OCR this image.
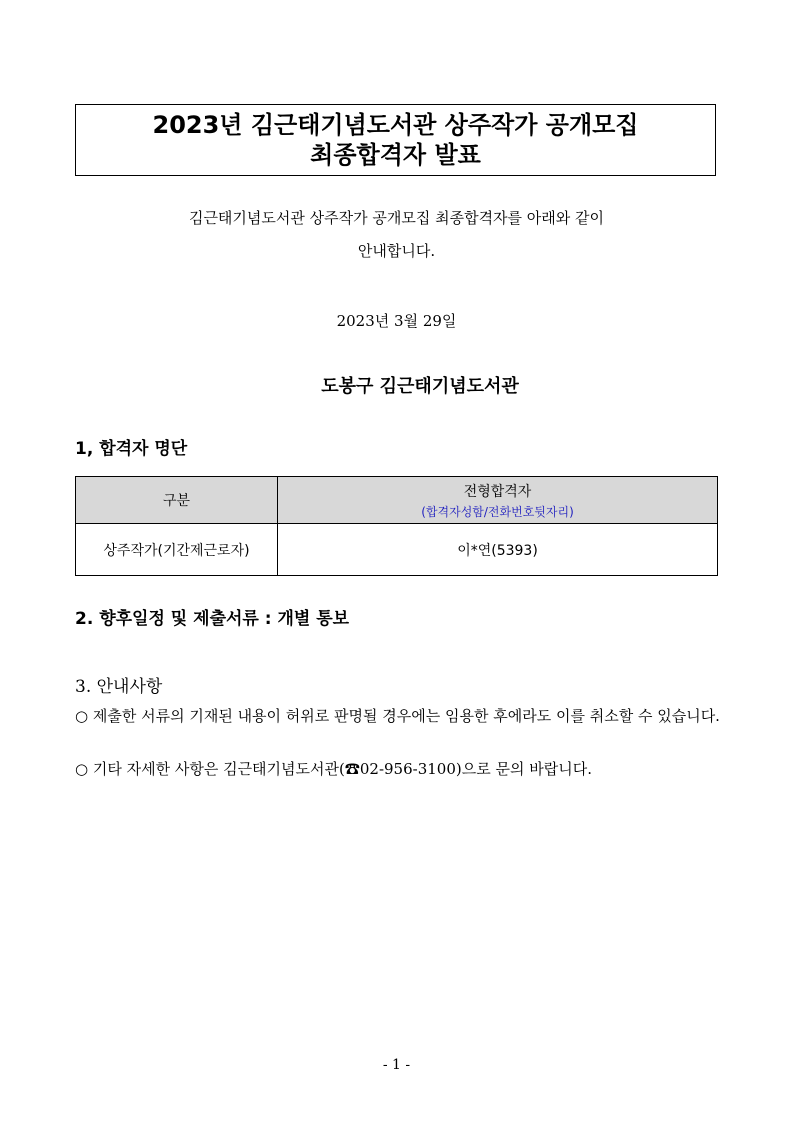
2023년 김근태기념도서관 상주작가 공개모집
최종합격자 발표
김근태기념도서관 상주작가 공개모집 최종합격자를 아래와 같이
안내합니다.
2023년 3월 29일
도봉구 김근태기념도서관
1, 합격자 명단
구분	전형합격자
(합격자성함/전화번호뒷자리)

상주작가(기간제근로자)	이*연(5393)
2. 향후일정 및 제출서류 : 개별 통보
3. 안내사항
○ 제출한 서류의 기재된 내용이 허위로 판명될 경우에는 임용한 후에라도 이를 취소할 수 있습니다.
○ 기타 자세한 사항은 김근태기념도서관(☎02-956-3100)으로 문의 바랍니다.
- 1 -
